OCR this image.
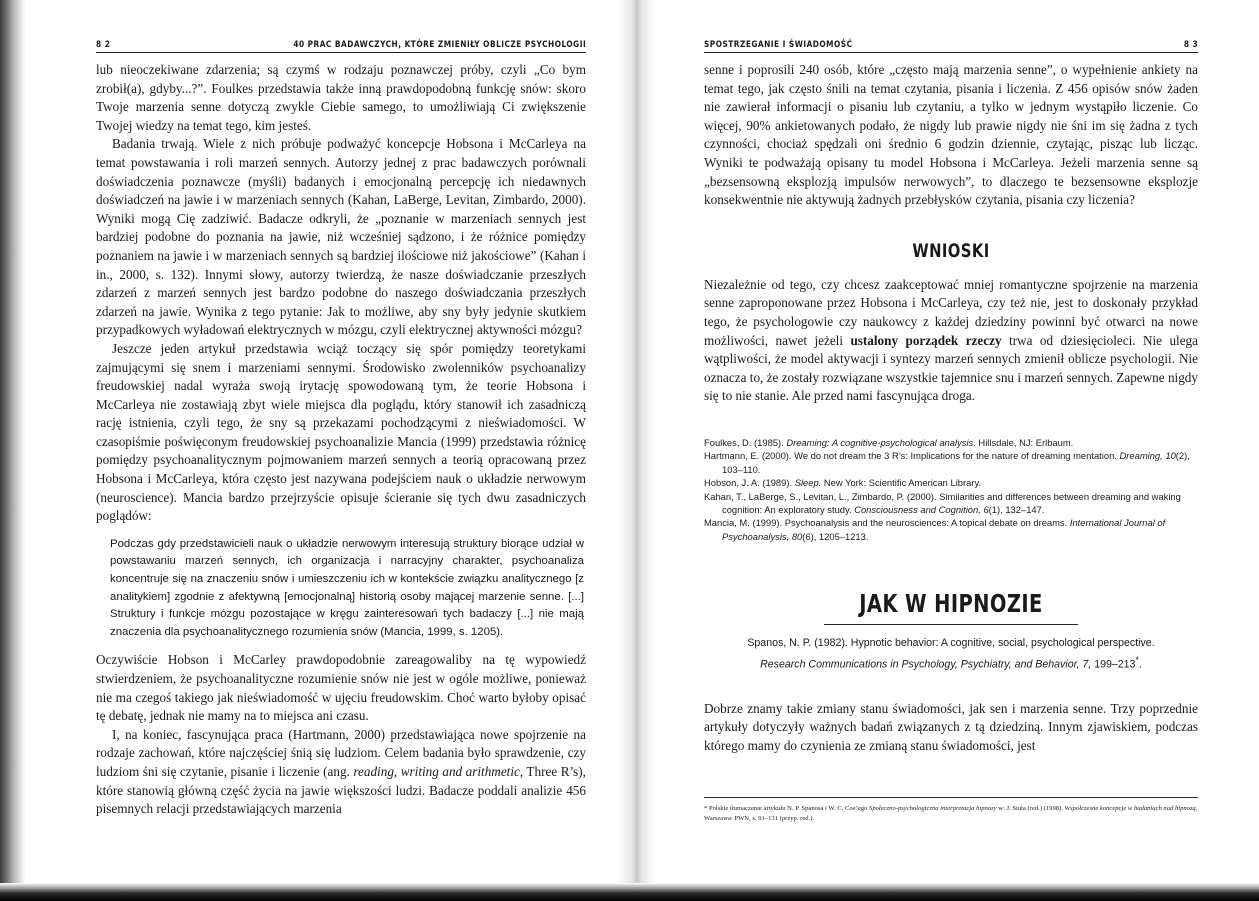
8 2	40 PRAC BADAWCZYCH, KTÓRE ZMIENIŁY OBLICZE PSYCHOLOGII

lub nieoczekiwane zdarzenia; są czymś w rodzaju poznawczej próby, czyli „Co bym zrobił(a), gdyby...?”. Foulkes przedstawia także inną prawdopodobną funkcję snów: skoro Twoje marzenia senne dotyczą zwykle Ciebie samego, to umożliwiają Ci zwiększenie Twojej wiedzy na temat tego, kim jesteś.

Badania trwają. Wiele z nich próbuje podważyć koncepcje Hobsona i McCarleya na temat powstawania i roli marzeń sennych. Autorzy jednej z prac badawczych porównali doświadczenia poznawcze (myśli) badanych i emocjonalną percepcję ich niedawnych doświadczeń na jawie i w marzeniach sennych (Kahan, LaBerge, Levitan, Zimbardo, 2000). Wyniki mogą Cię zadziwić. Badacze odkryli, że „poznanie w marzeniach sennych jest bardziej podobne do poznania na jawie, niż wcześniej sądzono, i że różnice pomiędzy poznaniem na jawie i w marzeniach sennych są bardziej ilościowe niż jakościowe” (Kahan i in., 2000, s. 132). Innymi słowy, autorzy twierdzą, że nasze doświadczanie przeszłych zdarzeń z marzeń sennych jest bardzo podobne do naszego doświadczania przeszłych zdarzeń na jawie. Wynika z tego pytanie: Jak to możliwe, aby sny były jedynie skutkiem przypadkowych wyładowań elektrycznych w mózgu, czyli elektrycznej aktywności mózgu?

Jeszcze jeden artykuł przedstawia wciąż toczący się spór pomiędzy teoretykami zajmującymi się snem i marzeniami sennymi. Środowisko zwolenników psychoanalizy freudowskiej nadal wyraża swoją irytację spowodowaną tym, że teorie Hobsona i McCarleya nie zostawiają zbyt wiele miejsca dla poglądu, który stanowił ich zasadniczą rację istnienia, czyli tego, że sny są przekazami pochodzącymi z nieświadomości. W czasopiśmie poświęconym freudowskiej psychoanalizie Mancia (1999) przedstawia różnicę pomiędzy psychoanalitycznym pojmowaniem marzeń sennych a teorią opracowaną przez Hobsona i McCarleya, która często jest nazywana podejściem nauk o układzie nerwowym (neuroscience). Mancia bardzo przejrzyście opisuje ścieranie się tych dwu zasadniczych poglądów:

Podczas gdy przedstawicieli nauk o układzie nerwowym interesują struktury biorące udział w powstawaniu marzeń sennych, ich organizacja i narracyjny charakter, psychoanaliza koncentruje się na znaczeniu snów i umieszczeniu ich w kontekście związku analitycznego [z analitykiem] zgodnie z afektywną [emocjonalną] historią osoby mającej marzenie senne. [...] Struktury i funkcje mózgu pozostające w kręgu zainteresowań tych badaczy [...] nie mają znaczenia dla psychoanalitycznego rozumienia snów (Mancia, 1999, s. 1205).

Oczywiście Hobson i McCarley prawdopodobnie zareagowaliby na tę wypowiedź stwierdzeniem, że psychoanalityczne rozumienie snów nie jest w ogóle możliwe, ponieważ nie ma czegoś takiego jak nieświadomość w ujęciu freudowskim. Choć warto byłoby opisać tę debatę, jednak nie mamy na to miejsca ani czasu.

I, na koniec, fascynująca praca (Hartmann, 2000) przedstawiająca nowe spojrzenie na rodzaje zachowań, które najczęściej śnią się ludziom. Celem badania było sprawdzenie, czy ludziom śni się czytanie, pisanie i liczenie (ang. reading, writing and arithmetic, Three R’s), które stanowią główną część życia na jawie większości ludzi. Badacze poddali analizie 456 pisemnych relacji przedstawiających marzenia

SPOSTRZEGANIE I ŚWIADOMOŚĆ	8 3

senne i poprosili 240 osób, które „często mają marzenia senne”, o wypełnienie ankiety na temat tego, jak często śnili na temat czytania, pisania i liczenia. Z 456 opisów snów żaden nie zawierał informacji o pisaniu lub czytaniu, a tylko w jednym wystąpiło liczenie. Co więcej, 90% ankietowanych podało, że nigdy lub prawie nigdy nie śni im się żadna z tych czynności, chociaż spędzali oni średnio 6 godzin dziennie, czytając, pisząc lub licząc. Wyniki te podważają opisany tu model Hobsona i McCarleya. Jeżeli marzenia senne są „bezsensowną eksplozją impulsów nerwowych”, to dlaczego te bezsensowne eksplozje konsekwentnie nie aktywują żadnych przebłysków czytania, pisania czy liczenia?

WNIOSKI

Niezależnie od tego, czy chcesz zaakceptować mniej romantyczne spojrzenie na marzenia senne zaproponowane przez Hobsona i McCarleya, czy też nie, jest to doskonały przykład tego, że psychologowie czy naukowcy z każdej dziedziny powinni być otwarci na nowe możliwości, nawet jeżeli ustalony porządek rzeczy trwa od dziesięcioleci. Nie ulega wątpliwości, że model aktywacji i syntezy marzeń sennych zmienił oblicze psychologii. Nie oznacza to, że zostały rozwiązane wszystkie tajemnice snu i marzeń sennych. Zapewne nigdy się to nie stanie. Ale przed nami fascynująca droga.

Foulkes, D. (1985). Dreaming: A cognitive-psychological analysis. Hillsdale, NJ: Erlbaum.
Hartmann, E. (2000). We do not dream the 3 R’s: Implications for the nature of dreaming mentation. Dreaming, 10(2), 103–110.
Hobson, J. A. (1989). Sleep. New York: Scientific American Library.
Kahan, T., LaBerge, S., Levitan, L., Zimbardo, P. (2000). Similarities and differences between dreaming and waking cognition: An exploratory study. Consciousness and Cognition, 6(1), 132–147.
Mancia, M. (1999). Psychoanalysis and the neurosciences: A topical debate on dreams. International Journal of Psychoanalysis, 80(6), 1205–1213.
JAK W HIPNOZIE
Spanos, N. P. (1982). Hypnotic behavior: A cognitive, social, psychological perspective.
Research Communications in Psychology, Psychiatry, and Behavior, 7, 199–213*.

Dobrze znamy takie zmiany stanu świadomości, jak sen i marzenia senne. Trzy poprzednie artykuły dotyczyły ważnych badań związanych z tą dziedziną. Innym zjawiskiem, podczas którego mamy do czynienia ze zmianą stanu świadomości, jest

* Polskie tłumaczenie artykułu N. P. Spanosa i W. C. Coe’ego Społeczno-psychologiczna interpretacja hipnozy w: J. Siuta (red.) (1998). Współczesne koncepcje w badaniach nad hipnozą. Warszawa: PWN, s. 91–131 (przyp. red.).
